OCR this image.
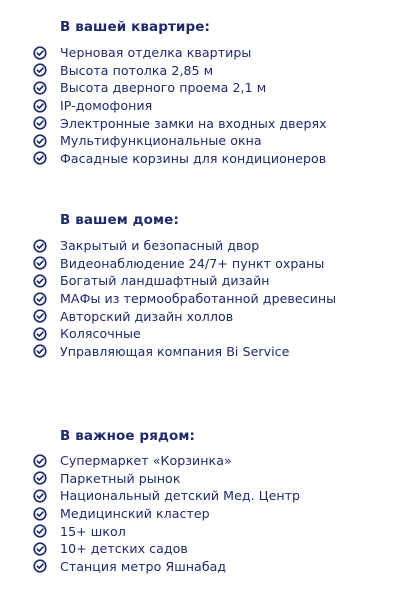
В вашей квартире:
Черновая отделка квартиры
Высота потолка 2,85 м
Высота дверного проема 2,1 м
IP-домофония
Электронные замки на входных дверях
Мультифункциональные окна
Фасадные корзины для кондиционеров
В вашем доме:
Закрытый и безопасный двор
Видеонаблюдение 24/7+ пункт охраны
Богатый ландшафтный дизайн
МАФы из термообработанной древесины
Авторский дизайн холлов
Колясочные
Управляющая компания Bi Service
В важное рядом:
Супермаркет «Корзинка»
Паркетный рынок
Национальный детский Мед. Центр
Медицинский кластер
15+ школ
10+ детских садов
Станция метро Яшнабад
